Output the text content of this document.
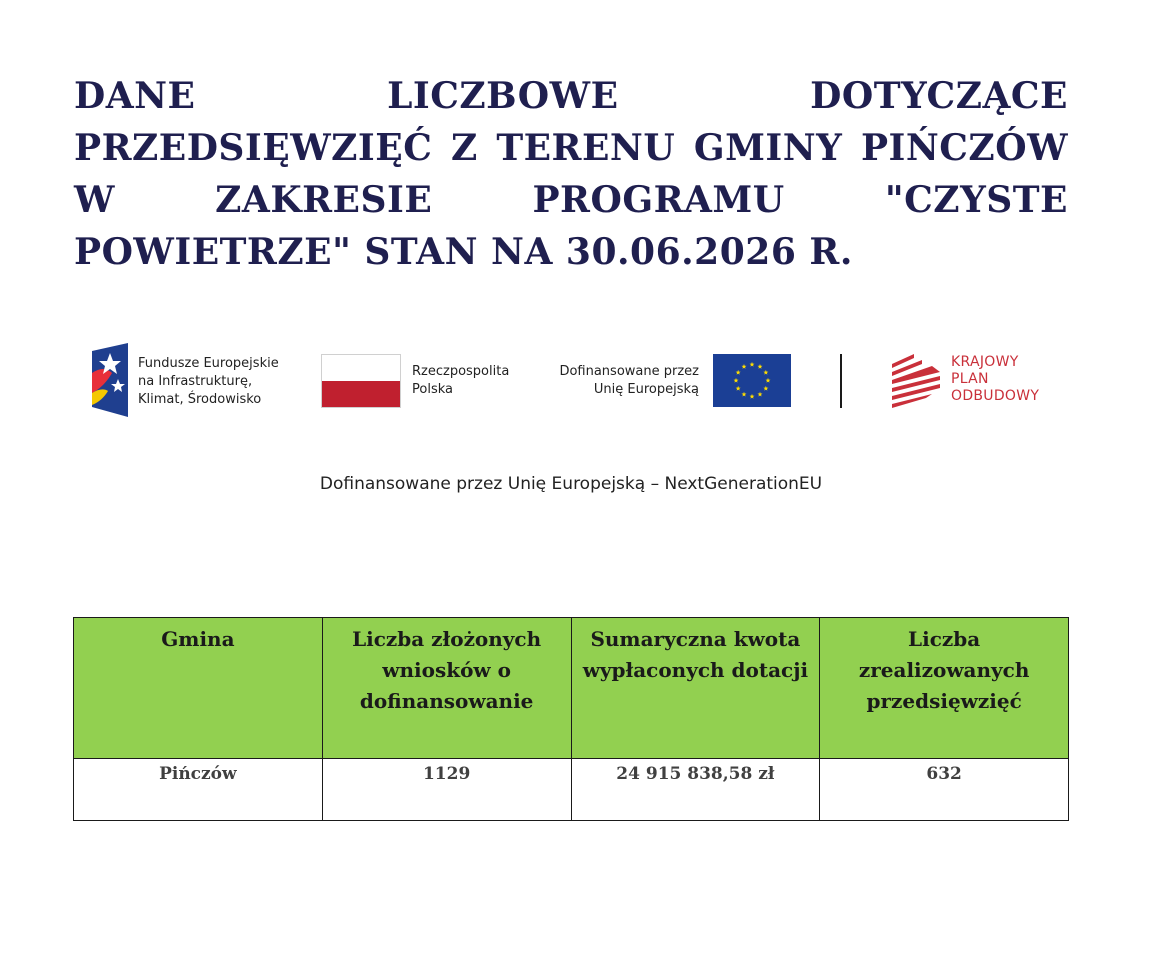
DANE LICZBOWE DOTYCZĄCE PRZEDSIĘWZIĘĆ Z TERENU GMINY PIŃCZÓW W ZAKRESIE PROGRAMU "CZYSTE POWIETRZE" STAN NA 30.06.2026 R.
Fundusze Europejskie
na Infrastrukturę,
Klimat, Środowisko
Rzeczpospolita
Polska
Dofinansowane przez
Unię Europejską
KRAJOWY
PLAN
ODBUDOWY
Dofinansowane przez Unię Europejską – NextGenerationEU
Gmina	Liczba złożonych wniosków o dofinansowanie	Sumaryczna kwota wypłaconych dotacji	Liczba zrealizowanych przedsięwzięć
Pińczów	1129	24 915 838,58 zł	632
